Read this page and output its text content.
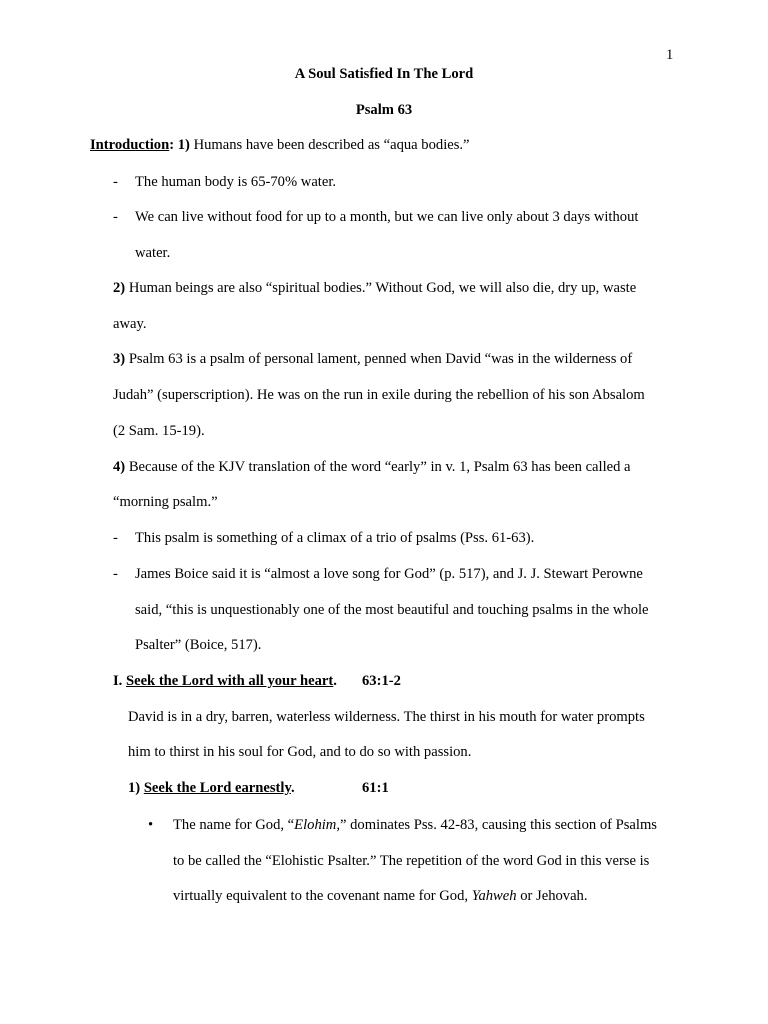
1
A Soul Satisfied In The Lord
Psalm 63
Introduction: 1) Humans have been described as “aqua bodies.”
- The human body is 65-70% water.
- We can live without food for up to a month, but we can live only about 3 days without
water.
2) Human beings are also “spiritual bodies.” Without God, we will also die, dry up, waste
away.
3) Psalm 63 is a psalm of personal lament, penned when David “was in the wilderness of
Judah” (superscription). He was on the run in exile during the rebellion of his son Absalom
(2 Sam. 15-19).
4) Because of the KJV translation of the word “early” in v. 1, Psalm 63 has been called a
“morning psalm.”
- This psalm is something of a climax of a trio of psalms (Pss. 61-63).
- James Boice said it is “almost a love song for God” (p. 517), and J. J. Stewart Perowne
said, “this is unquestionably one of the most beautiful and touching psalms in the whole
Psalter” (Boice, 517).
I. Seek the Lord with all your heart. 63:1-2
David is in a dry, barren, waterless wilderness. The thirst in his mouth for water prompts
him to thirst in his soul for God, and to do so with passion.
1) Seek the Lord earnestly.	61:1
• The name for God, “Elohim,” dominates Pss. 42-83, causing this section of Psalms
to be called the “Elohistic Psalter.” The repetition of the word God in this verse is
virtually equivalent to the covenant name for God, Yahweh or Jehovah.
